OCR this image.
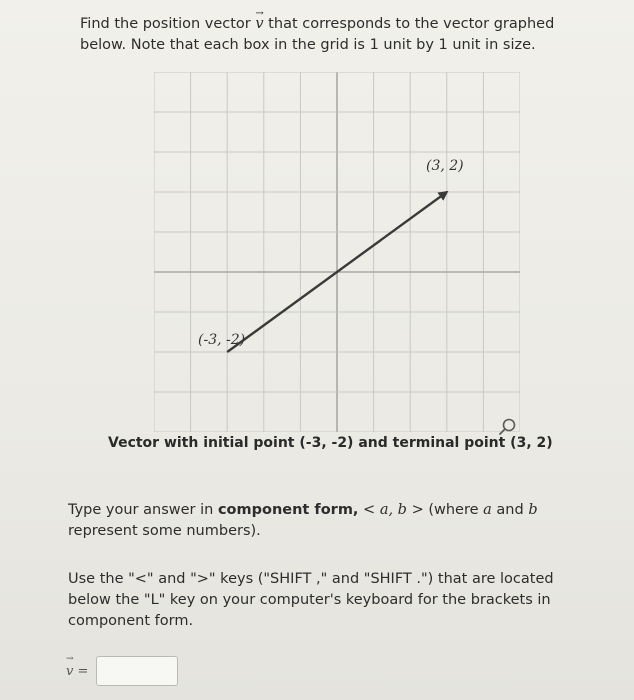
Find the position vector → v that corresponds to the vector graphed below. Note that each box in the grid is 1 unit by 1 unit in size.
(3, 2)
(-3, -2)
Vector with initial point (-3, -2) and terminal point (3, 2)
Type your answer in component form, < a, b > (where a and b represent some numbers).
Use the "<" and ">" keys ("SHIFT ," and "SHIFT .") that are located below the "L" key on your computer's keyboard for the brackets in component form.
→ v =
